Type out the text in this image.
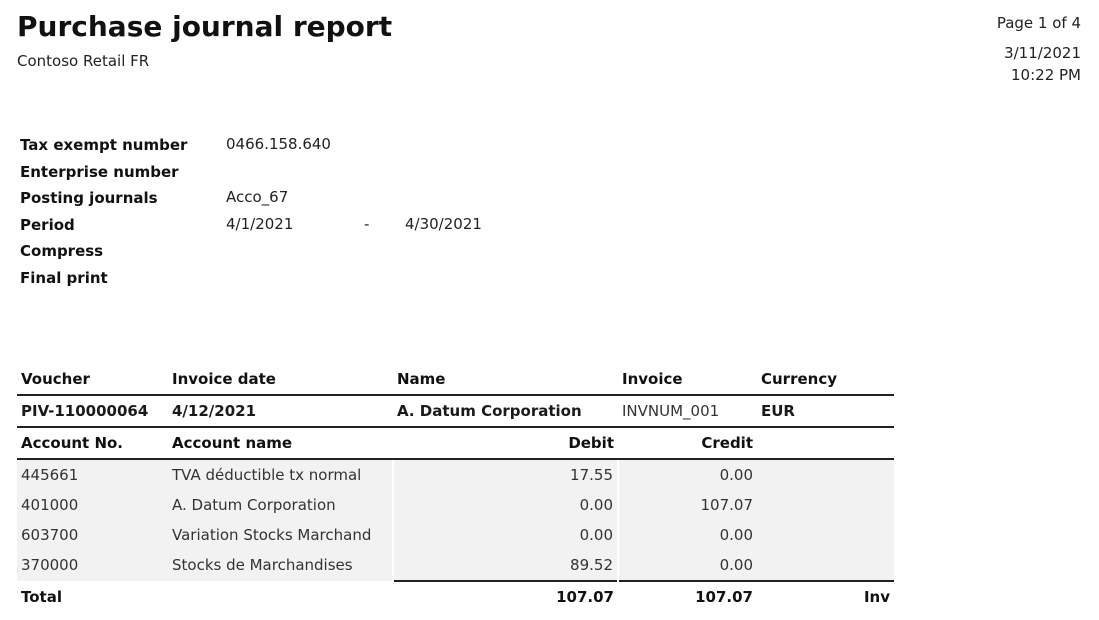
Purchase journal report
Contoso Retail FR
Page 1 of 4
3/11/2021
10:22 PM
Tax exempt number	0466.158.640
Enterprise number
Posting journals	Acco_67
Period	4/1/2021	- 4/30/2021
Compress
Final print
Voucher	Invoice date	Name	Invoice	Currency
PIV-110000064	4/12/2021	A. Datum Corporation	INVNUM_001	EUR
Account No.	Account name	Debit	Credit	
445661	TVA déductible tx normal	17.55	0.00	
401000	A. Datum Corporation	0.00	107.07	
603700	Variation Stocks Marchand	0.00	0.00	
370000	Stocks de Marchandises	89.52	0.00	
Total		107.07	107.07	Inv
